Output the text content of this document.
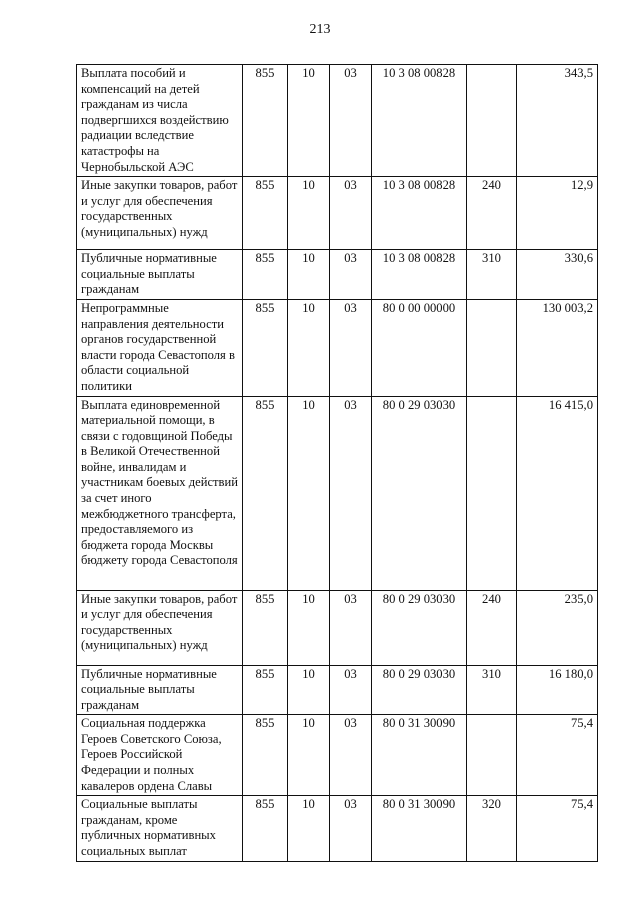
213
Выплата пособий и компенсаций на детей гражданам из числа подвергшихся воздействию радиации вследствие катастрофы на Чернобыльской АЭС	855	10	03	10 3 08 00828		343,5
Иные закупки товаров, работ и услуг для обеспечения государственных (муниципальных) нужд	855	10	03	10 3 08 00828	240	12,9
Публичные нормативные социальные выплаты гражданам	855	10	03	10 3 08 00828	310	330,6
Непрограммные направления деятельности органов государственной власти города Севастополя в области социальной политики	855	10	03	80 0 00 00000		130 003,2
Выплата единовременной материальной помощи, в связи с годовщиной Победы в Великой Отечественной войне, инвалидам и участникам боевых действий за счет иного межбюджетного трансферта, предоставляемого из бюджета города Москвы бюджету города Севастополя	855	10	03	80 0 29 03030		16 415,0
Иные закупки товаров, работ и услуг для обеспечения государственных (муниципальных) нужд	855	10	03	80 0 29 03030	240	235,0
Публичные нормативные социальные выплаты гражданам	855	10	03	80 0 29 03030	310	16 180,0
Социальная поддержка Героев Советского Союза, Героев Российской Федерации и полных кавалеров ордена Славы	855	10	03	80 0 31 30090		75,4
Социальные выплаты гражданам, кроме публичных нормативных социальных выплат	855	10	03	80 0 31 30090	320	75,4
